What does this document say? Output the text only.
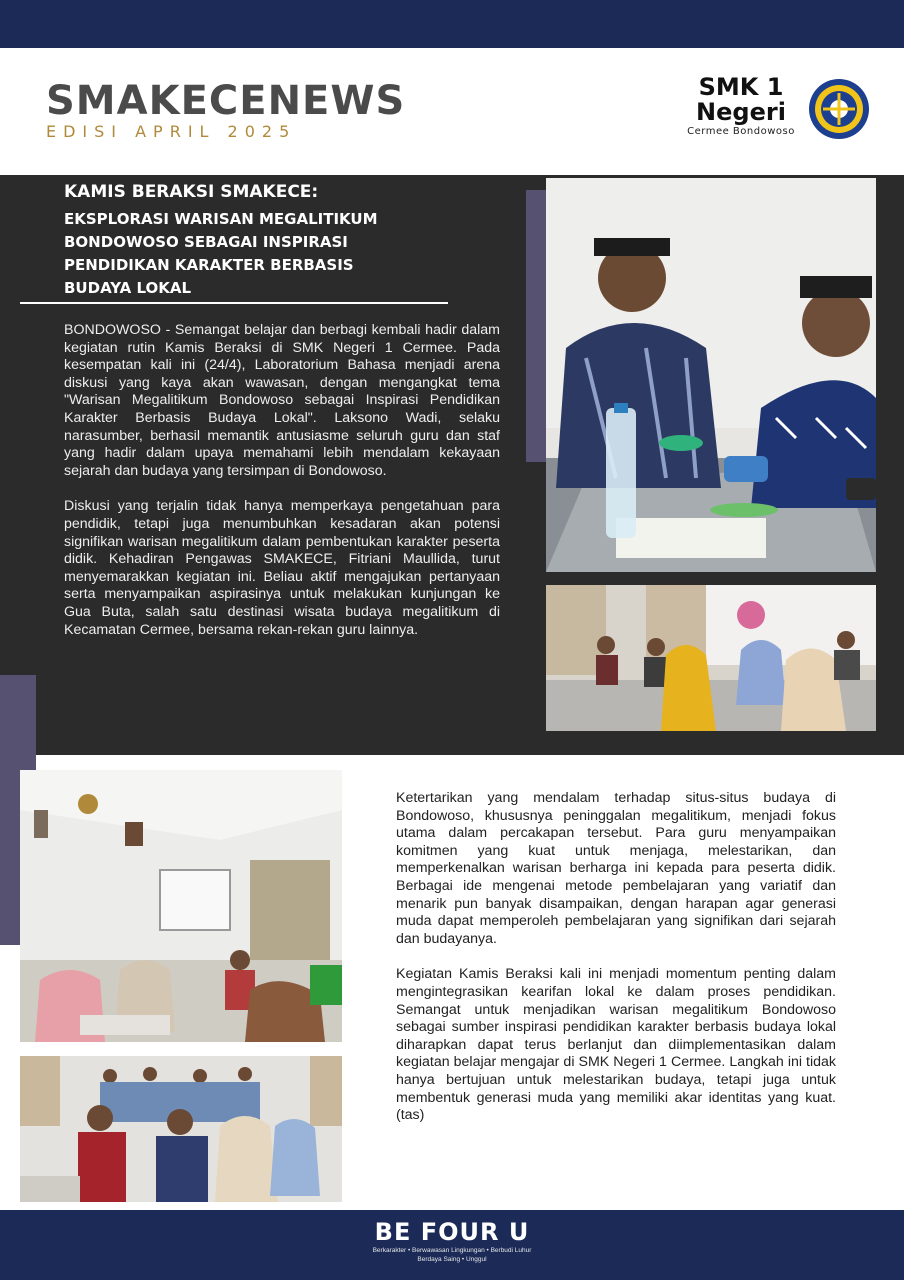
SMAKECENEWS
EDISI APRIL 2025
SMK 1
Negeri
Cermee Bondowoso
KAMIS BERAKSI SMAKECE:
EKSPLORASI WARISAN MEGALITIKUM
BONDOWOSO SEBAGAI INSPIRASI
PENDIDIKAN KARAKTER BERBASIS
BUDAYA LOKAL

BONDOWOSO - Semangat belajar dan berbagi kembali hadir dalam kegiatan rutin Kamis Beraksi di SMK Negeri 1 Cermee. Pada kesempatan kali ini (24/4), Laboratorium Bahasa menjadi arena diskusi yang kaya akan wawasan, dengan mengangkat tema "Warisan Megalitikum Bondowoso sebagai Inspirasi Pendidikan Karakter Berbasis Budaya Lokal". Laksono Wadi, selaku narasumber, berhasil memantik antusiasme seluruh guru dan staf yang hadir dalam upaya memahami lebih mendalam kekayaan sejarah dan budaya yang tersimpan di Bondowoso.

Diskusi yang terjalin tidak hanya memperkaya pengetahuan para pendidik, tetapi juga menumbuhkan kesadaran akan potensi signifikan warisan megalitikum dalam pembentukan karakter peserta didik. Kehadiran Pengawas SMAKECE, Fitriani Maullida, turut menyemarakkan kegiatan ini. Beliau aktif mengajukan pertanyaan serta menyampaikan aspirasinya untuk melakukan kunjungan ke Gua Buta, salah satu destinasi wisata budaya megalitikum di Kecamatan Cermee, bersama rekan-rekan guru lainnya.

Ketertarikan yang mendalam terhadap situs-situs budaya di Bondowoso, khususnya peninggalan megalitikum, menjadi fokus utama dalam percakapan tersebut. Para guru menyampaikan komitmen yang kuat untuk menjaga, melestarikan, dan memperkenalkan warisan berharga ini kepada para peserta didik. Berbagai ide mengenai metode pembelajaran yang variatif dan menarik pun banyak disampaikan, dengan harapan agar generasi muda dapat memperoleh pembelajaran yang signifikan dari sejarah dan budayanya.

Kegiatan Kamis Beraksi kali ini menjadi momentum penting dalam mengintegrasikan kearifan lokal ke dalam proses pendidikan. Semangat untuk menjadikan warisan megalitikum Bondowoso sebagai sumber inspirasi pendidikan karakter berbasis budaya lokal diharapkan dapat terus berlanjut dan diimplementasikan dalam kegiatan belajar mengajar di SMK Negeri 1 Cermee. Langkah ini tidak hanya bertujuan untuk melestarikan budaya, tetapi juga untuk membentuk generasi muda yang memiliki akar identitas yang kuat. (tas)

BE FOUR U
Berkarakter • Berwawasan Lingkungan • Berbudi Luhur
Berdaya Saing • Unggul
